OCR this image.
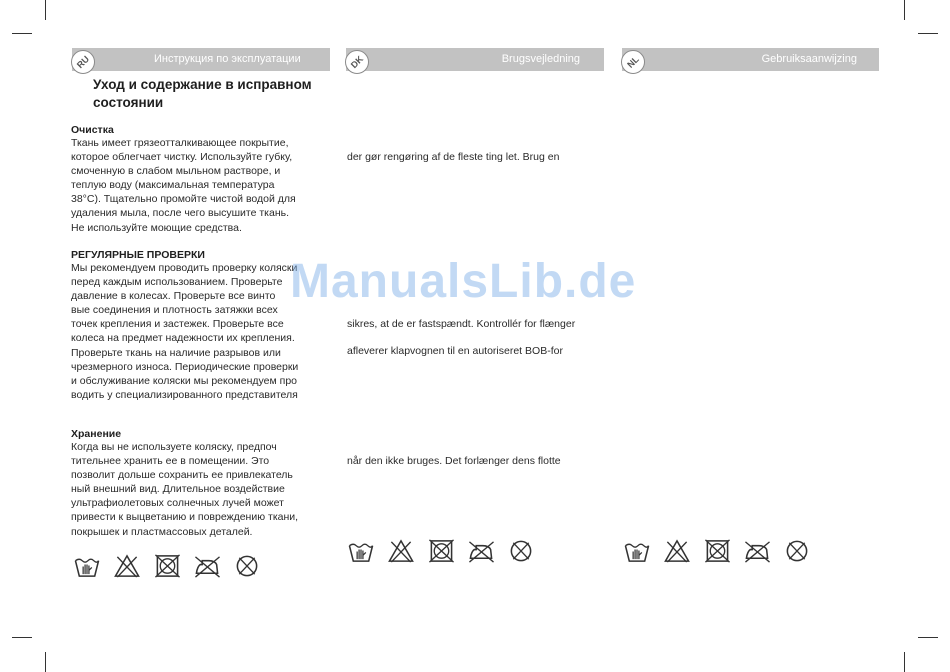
Инструкция по эксплуатации
RU	Brugsvejledning
DK	Gebruiksaanwijzing
NL
Уход и содержание в исправном
состоянии
Очистка
Ткань имеет грязеотталкивающее покрытие,
которое облегчает чистку. Используйте губку,
смоченную в слабом мыльном растворе, и
теплую воду (максимальная температура
38°C). Тщательно промойте чистой водой для
удаления мыла, после чего высушите ткань.
Не используйте моющие средства.
РЕГУЛЯРНЫЕ ПРОВЕРКИ
Мы рекомендуем проводить проверку коляски
перед каждым использованием. Проверьте
давление в колесах. Проверьте все винто
вые соединения и плотность затяжки всех
точек крепления и застежек. Проверьте все
колеса на предмет надежности их крепления.
Проверьте ткань на наличие разрывов или
чрезмерного износа. Периодические проверки
и обслуживание коляски мы рекомендуем про
водить у специализированного представителя
Хранение
Когда вы не используете коляску, предпоч
тительнее хранить ее в помещении. Это
позволит дольше сохранить ее привлекатель
ный внешний вид. Длительное воздействие
ультрафиолетовых солнечных лучей может
привести к выцветанию и повреждению ткани,
покрышек и пластмассовых деталей.
der gør rengøring af de fleste ting let. Brug en
sikres, at de er fastspændt. Kontrollér for flænger
afleverer klapvognen til en autoriseret BOB-for
når den ikke bruges. Det forlænger dens flotte
ManualsLib.de
